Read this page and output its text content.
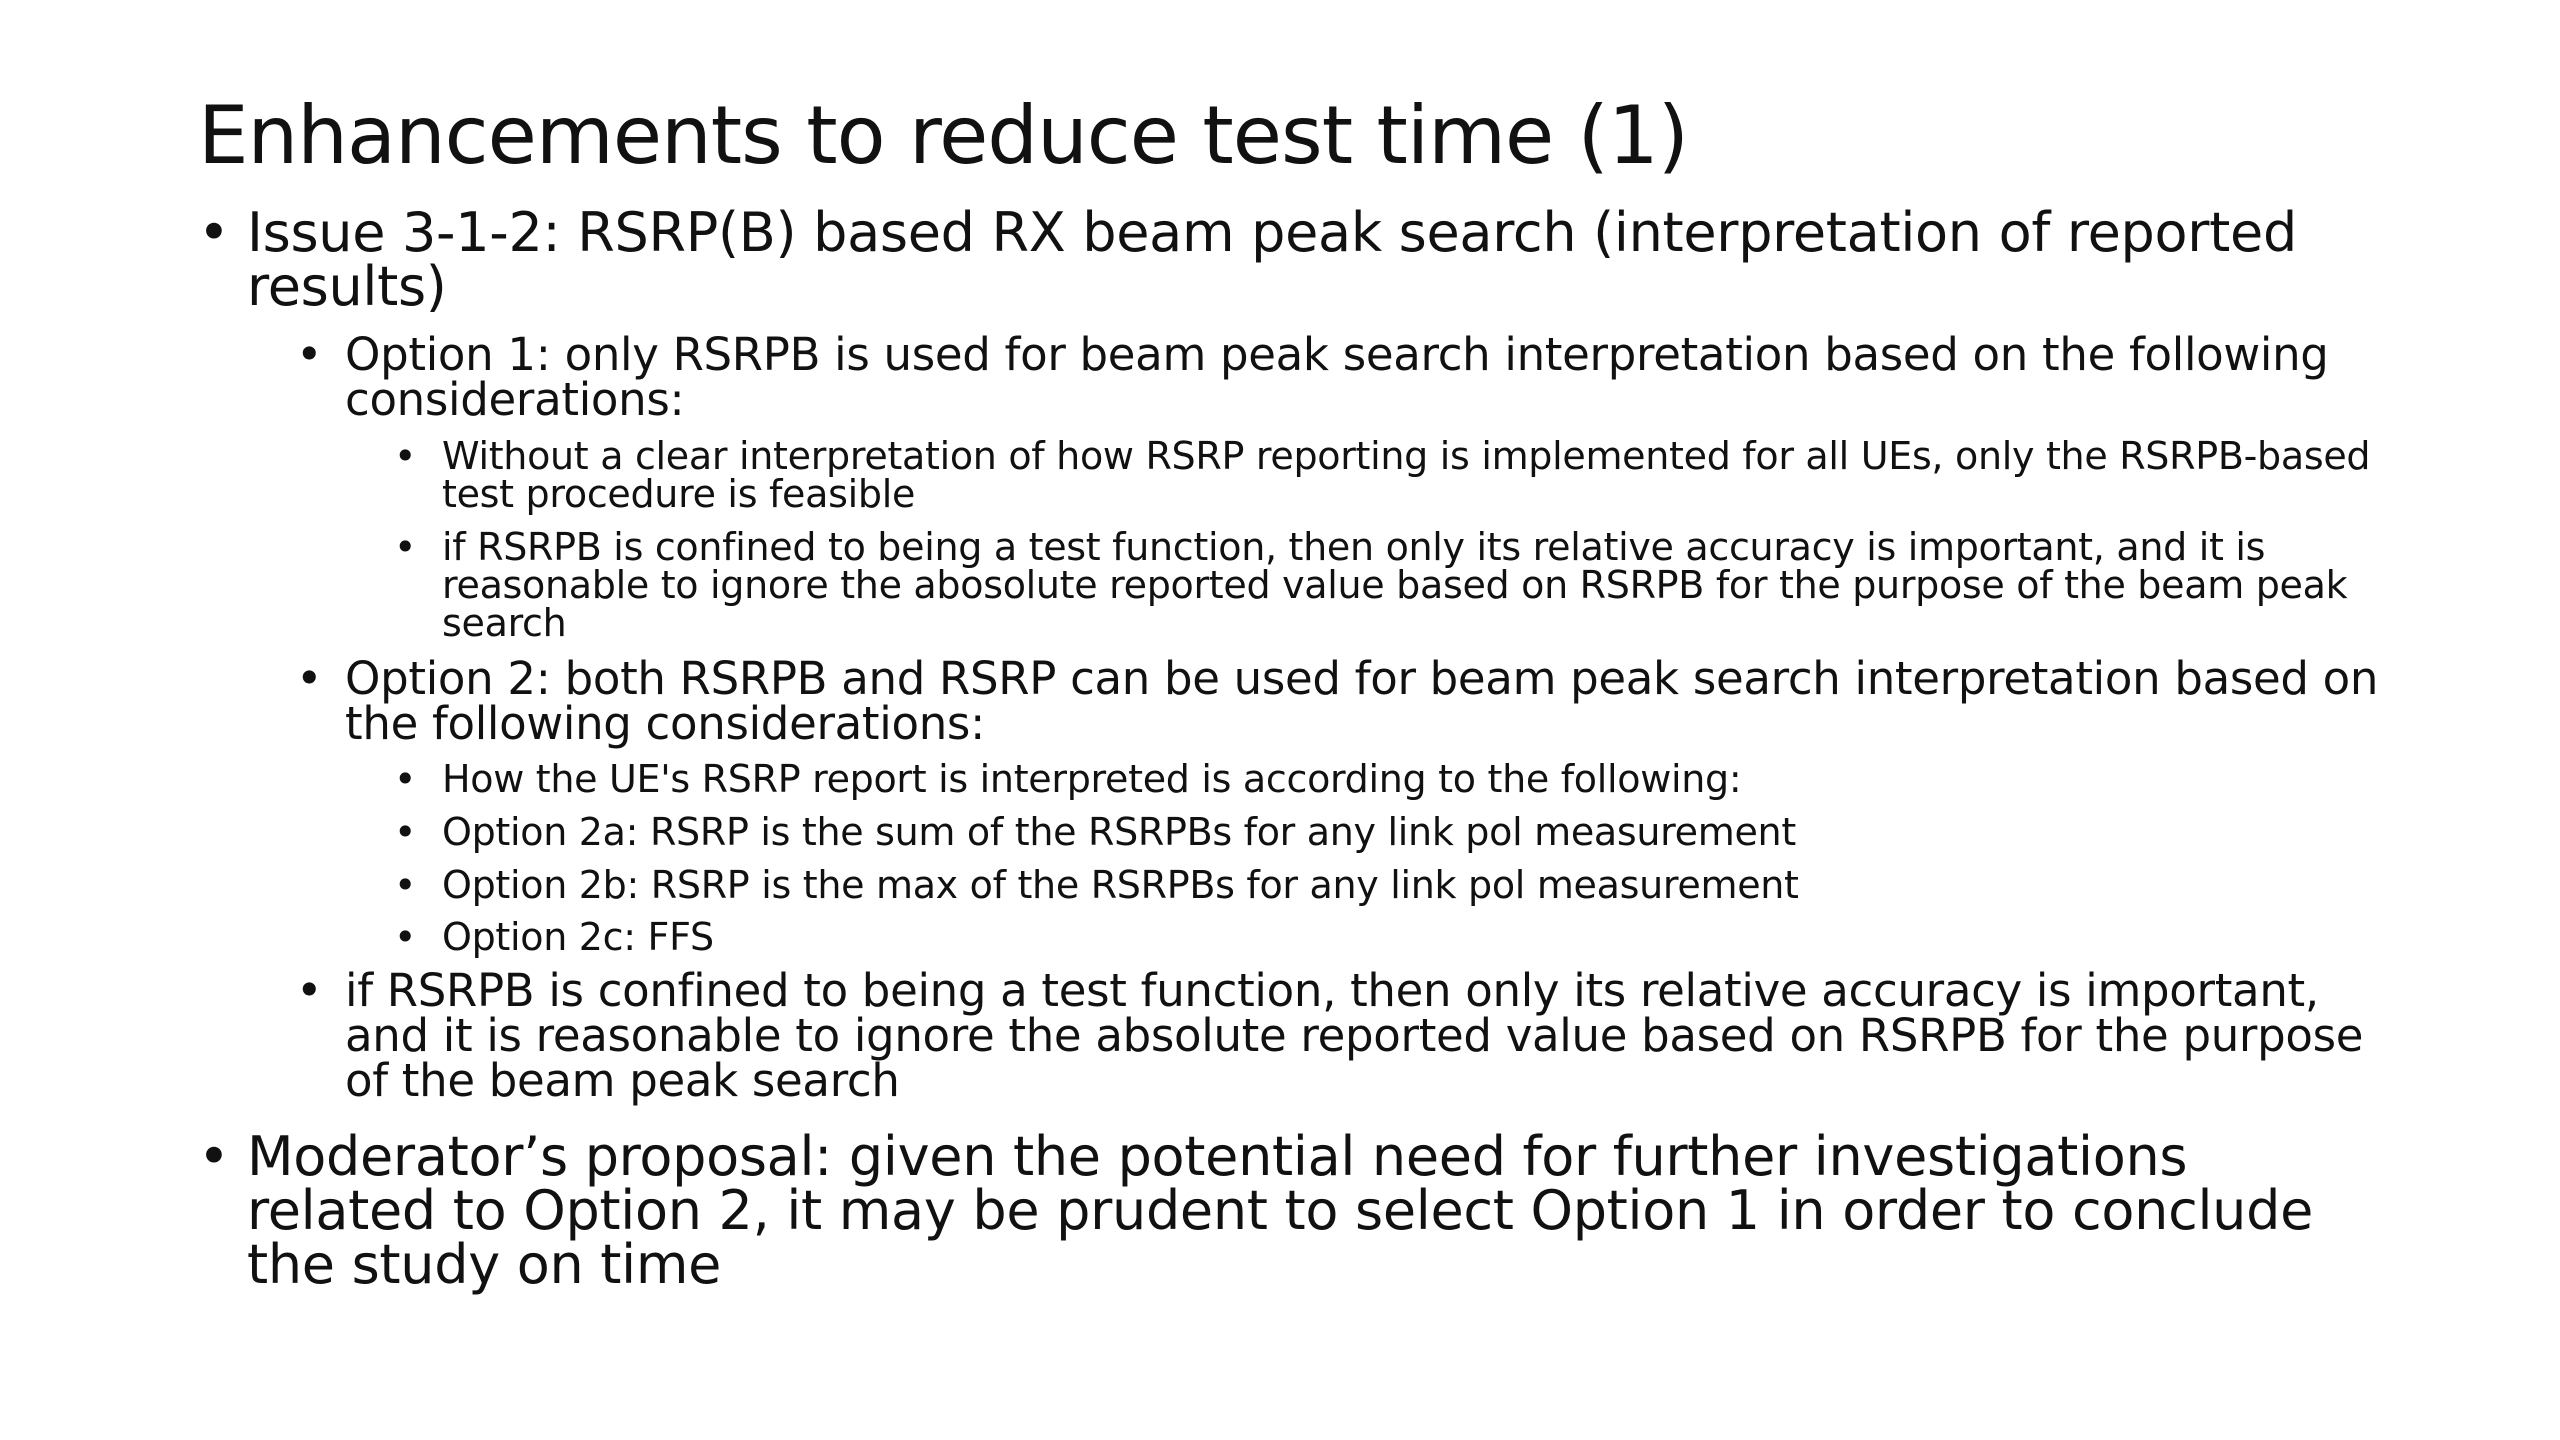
Enhancements to reduce test time (1)
• Issue 3-1-2: RSRP(B) based RX beam peak search (interpretation of reported results)
• Option 1: only RSRPB is used for beam peak search interpretation based on the following considerations:
• Without a clear interpretation of how RSRP reporting is implemented for all UEs, only the RSRPB-based test procedure is feasible
• if RSRPB is confined to being a test function, then only its relative accuracy is important, and it is reasonable to ignore the abosolute reported value based on RSRPB for the purpose of the beam peak search
• Option 2: both RSRPB and RSRP can be used for beam peak search interpretation based on the following considerations:
• How the UE's RSRP report is interpreted is according to the following:
• Option 2a: RSRP is the sum of the RSRPBs for any link pol measurement
• Option 2b: RSRP is the max of the RSRPBs for any link pol measurement
• Option 2c: FFS
• if RSRPB is confined to being a test function, then only its relative accuracy is important, and it is reasonable to ignore the absolute reported value based on RSRPB for the purpose of the beam peak search
• Moderator’s proposal: given the potential need for further investigations related to Option 2, it may be prudent to select Option 1 in order to conclude the study on time
